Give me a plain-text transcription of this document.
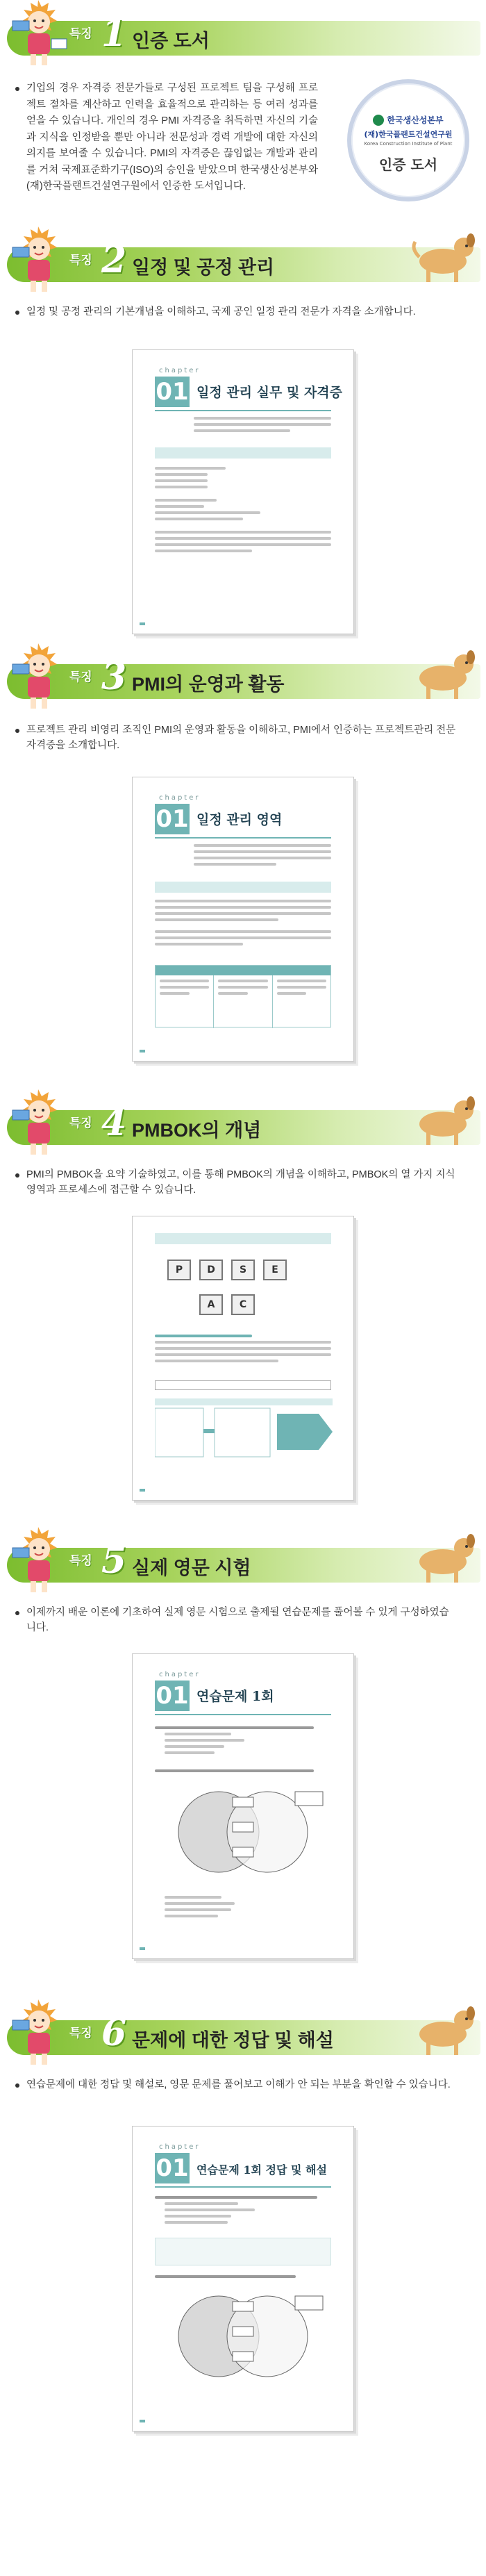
특징 1 인증 도서
기업의 경우 자격증 전문가들로 구성된 프로젝트 팀을 구성해 프로젝트 절차를 계산하고 인력을 효율적으로 관리하는 등 여러 성과를 얻을 수 있습니다. 개인의 경우 PMI 자격증을 취득하면 자신의 기술과 지식을 인정받을 뿐만 아니라 전문성과 경력 개발에 대한 자신의 의지를 보여줄 수 있습니다. PMI의 자격증은 끊임없는 개발과 관리를 거쳐 국제표준화기구(ISO)의 승인을 받았으며 한국생산성본부와 (재)한국플랜트건설연구원에서 인증한 도서입니다.
한국생산성본부
(재)한국플랜트건설연구원
Korea Construction Institute of Plant
인증 도서
특징 2 일정 및 공정 관리
일정 및 공정 관리의 기본개념을 이해하고, 국제 공인 일정 관리 전문가 자격을 소개합니다.
chapter
01 일정 관리 실무 및 자격증
특징 3 PMI의 운영과 활동
프로젝트 관리 비영리 조직인 PMI의 운영과 활동을 이해하고, PMI에서 인증하는 프로젝트관리 전문 자격증을 소개합니다.
chapter
01 일정 관리 영역
특징 4 PMBOK의 개념
PMI의 PMBOK을 요약 기술하였고, 이를 통해 PMBOK의 개념을 이해하고, PMBOK의 열 가지 지식 영역과 프로세스에 접근할 수 있습니다.
P	D	S	E
A	C
특징 5 실제 영문 시험
이제까지 배운 이론에 기초하여 실제 영문 시험으로 출제될 연습문제를 풀어볼 수 있게 구성하였습니다.
chapter
01 연습문제 1회
특징 6 문제에 대한 정답 및 해설
연습문제에 대한 정답 및 해설로, 영문 문제를 풀어보고 이해가 안 되는 부분을 확인할 수 있습니다.
chapter
01 연습문제 1회 정답 및 해설
